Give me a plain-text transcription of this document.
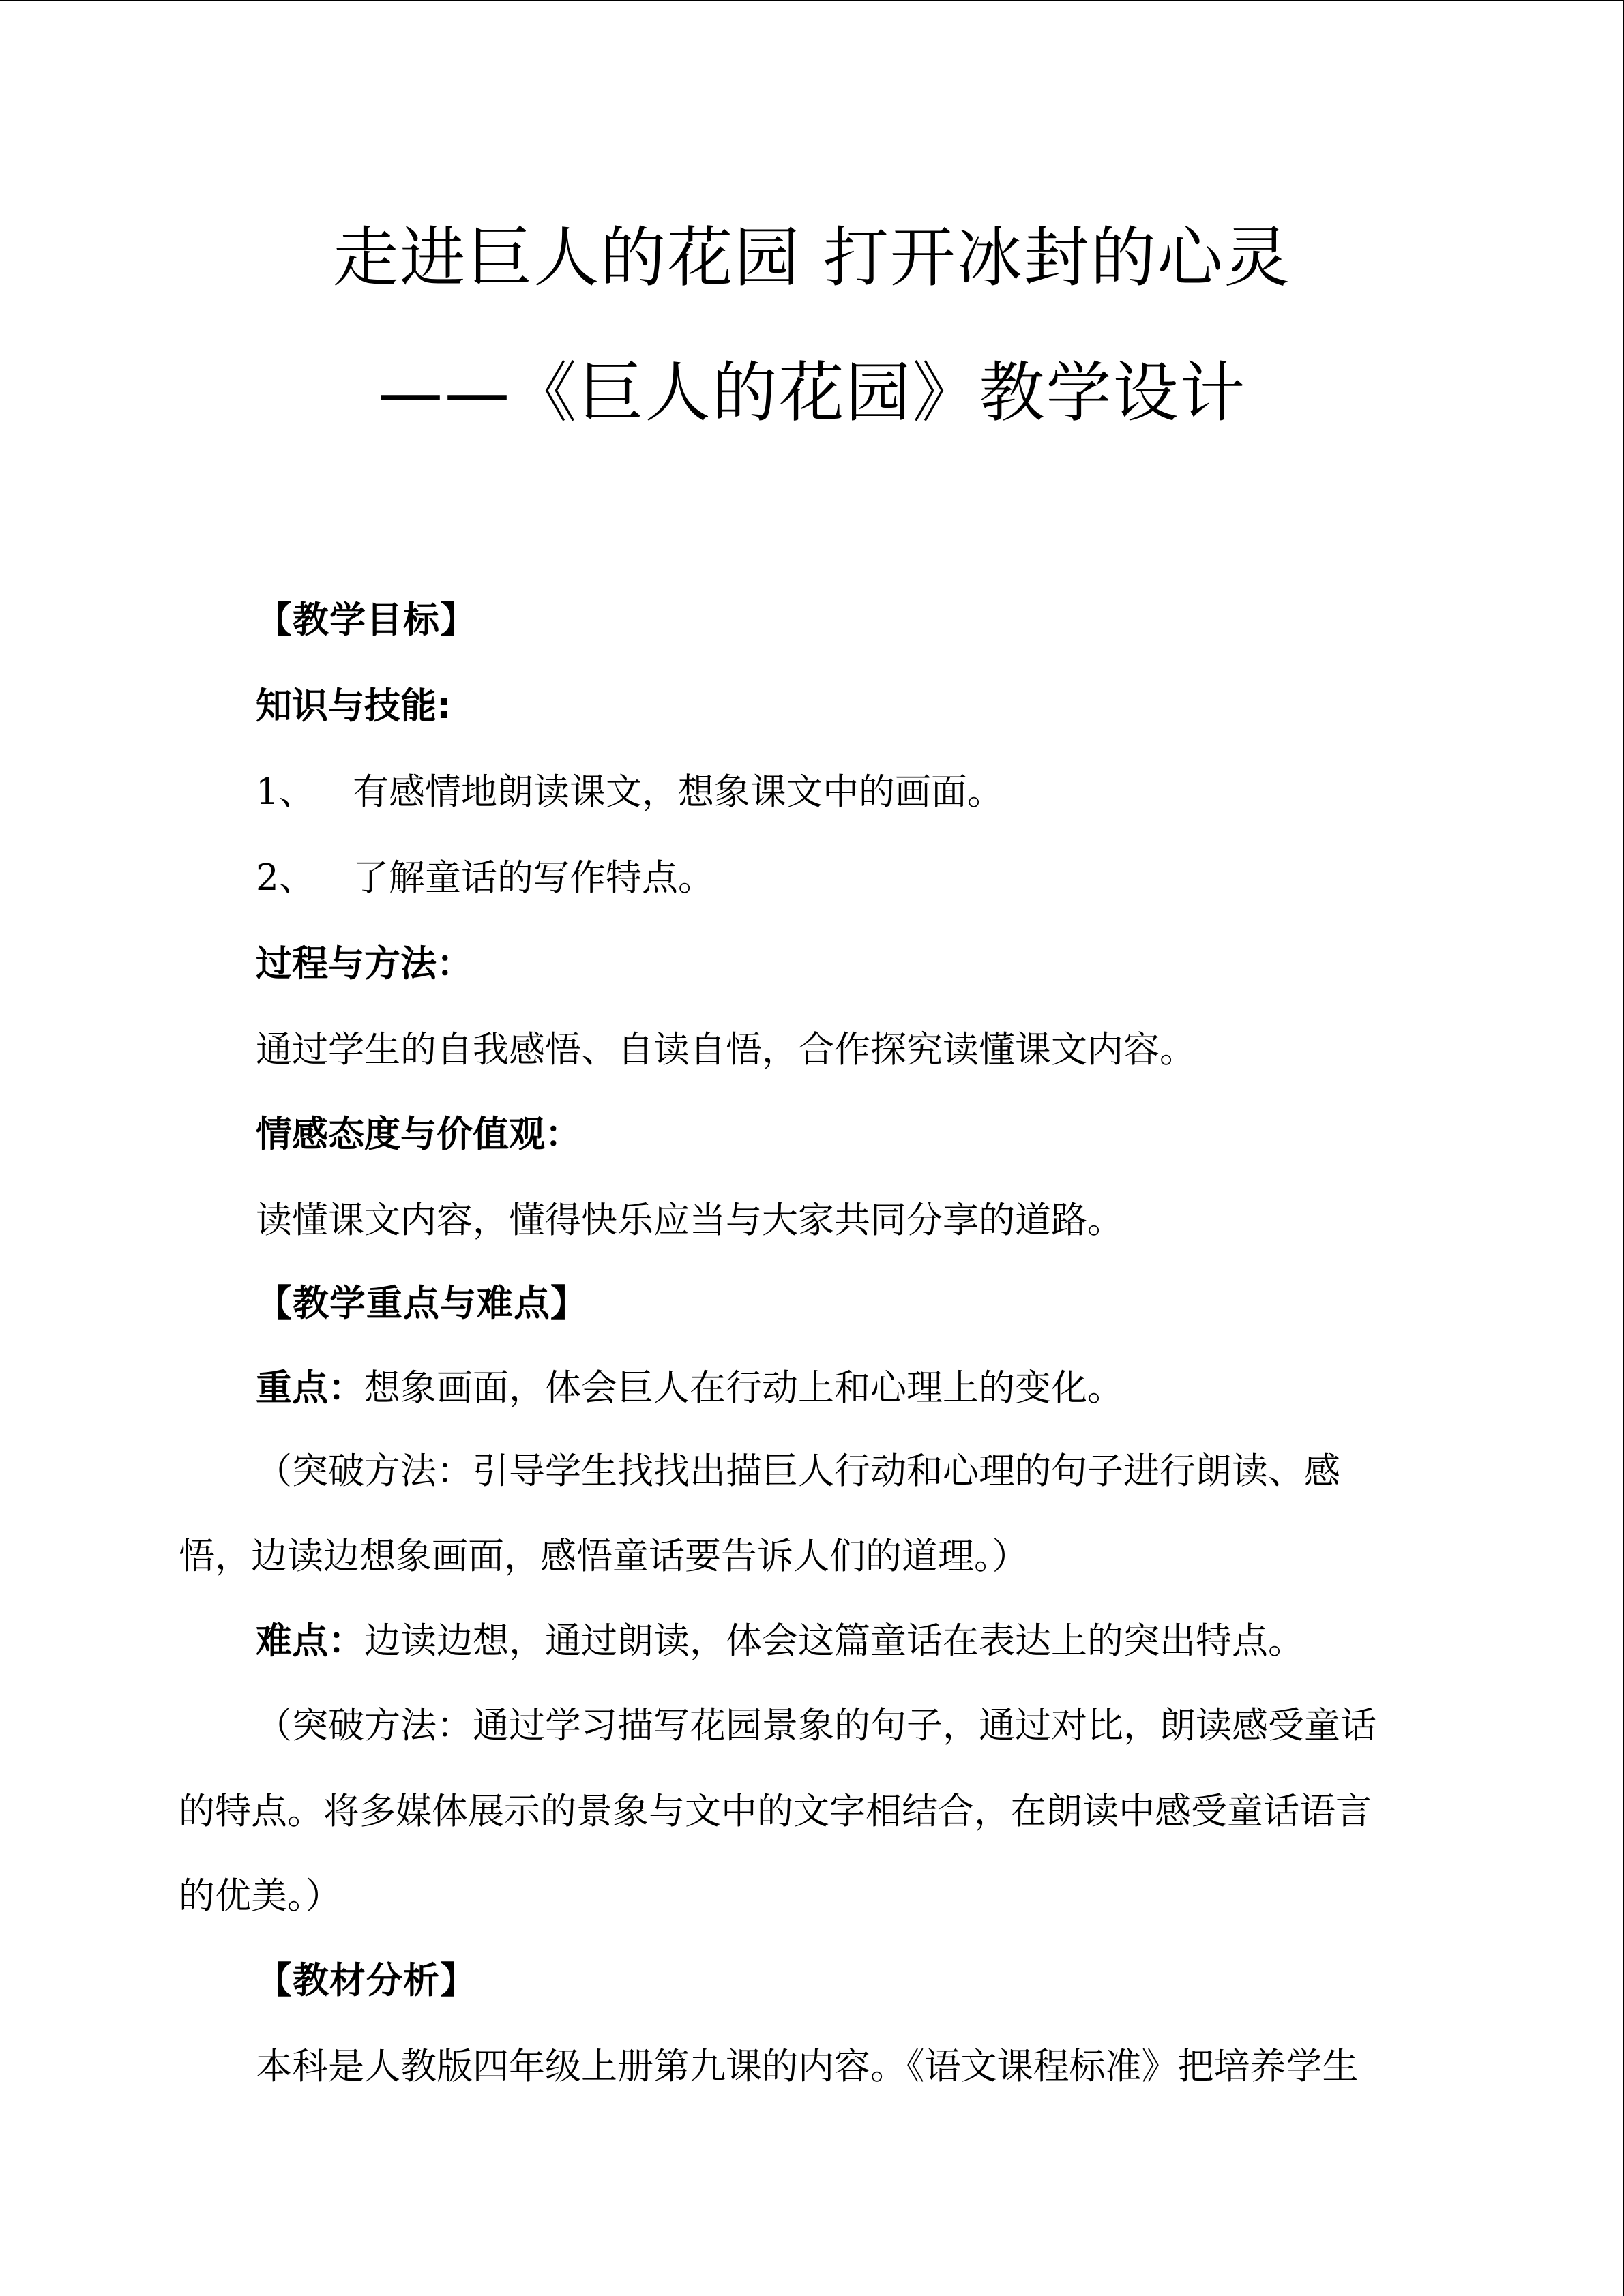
走进巨人的花园 打开冰封的心灵
——《巨人的花园》教学设计
【教学目标】
知识与技能:
1、 有感情地朗读课文，想象课文中的画面。
2、 了解童话的写作特点。
过程与方法：
通过学生的自我感悟、自读自悟，合作探究读懂课文内容。
情感态度与价值观：
读懂课文内容，懂得快乐应当与大家共同分享的道路。
【教学重点与难点】
重点：想象画面，体会巨人在行动上和心理上的变化。
（突破方法：引导学生找找出描巨人行动和心理的句子进行朗读、感
悟，边读边想象画面，感悟童话要告诉人们的道理。）
难点：边读边想，通过朗读，体会这篇童话在表达上的突出特点。
（突破方法：通过学习描写花园景象的句子，通过对比，朗读感受童话
的特点。将多媒体展示的景象与文中的文字相结合，在朗读中感受童话语言
的优美。）
【教材分析】
本科是人教版四年级上册第九课的内容。《语文课程标准》把培养学生
